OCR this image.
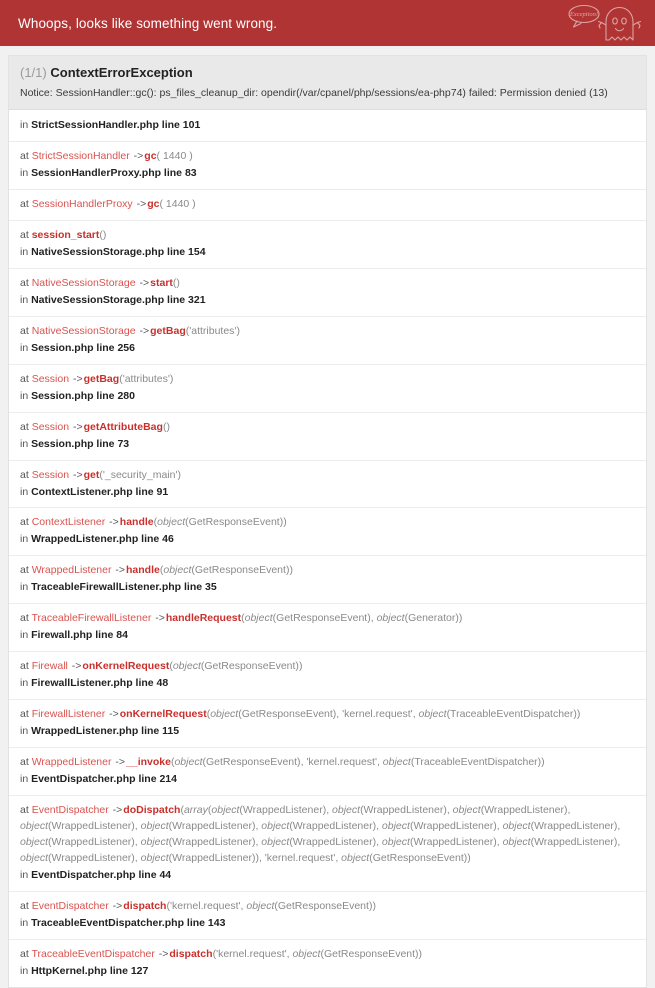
Whoops, looks like something went wrong.
Exception!
(1/1) ContextErrorException
Notice: SessionHandler::gc(): ps_files_cleanup_dir: opendir(/var/cpanel/php/sessions/ea-php74) failed: Permission denied (13)
in StrictSessionHandler.php line 101
at StrictSessionHandler ->gc( 1440 )
in SessionHandlerProxy.php line 83
at SessionHandlerProxy ->gc( 1440 )
at session_start()
in NativeSessionStorage.php line 154
at NativeSessionStorage ->start()
in NativeSessionStorage.php line 321
at NativeSessionStorage ->getBag('attributes')
in Session.php line 256
at Session ->getBag('attributes')
in Session.php line 280
at Session ->getAttributeBag()
in Session.php line 73
at Session ->get('_security_main')
in ContextListener.php line 91
at ContextListener ->handle(object(GetResponseEvent))
in WrappedListener.php line 46
at WrappedListener ->handle(object(GetResponseEvent))
in TraceableFirewallListener.php line 35
at TraceableFirewallListener ->handleRequest(object(GetResponseEvent), object(Generator))
in Firewall.php line 84
at Firewall ->onKernelRequest(object(GetResponseEvent))
in FirewallListener.php line 48
at FirewallListener ->onKernelRequest(object(GetResponseEvent), 'kernel.request', object(TraceableEventDispatcher))
in WrappedListener.php line 115
at WrappedListener ->__invoke(object(GetResponseEvent), 'kernel.request', object(TraceableEventDispatcher))
in EventDispatcher.php line 214
at EventDispatcher ->doDispatch(array(object(WrappedListener), object(WrappedListener), object(WrappedListener), object(WrappedListener), object(WrappedListener), object(WrappedListener), object(WrappedListener), object(WrappedListener), object(WrappedListener), object(WrappedListener), object(WrappedListener), object(WrappedListener), object(WrappedListener), object(WrappedListener), object(WrappedListener)), 'kernel.request', object(GetResponseEvent))
in EventDispatcher.php line 44
at EventDispatcher ->dispatch('kernel.request', object(GetResponseEvent))
in TraceableEventDispatcher.php line 143
at TraceableEventDispatcher ->dispatch('kernel.request', object(GetResponseEvent))
in HttpKernel.php line 127
